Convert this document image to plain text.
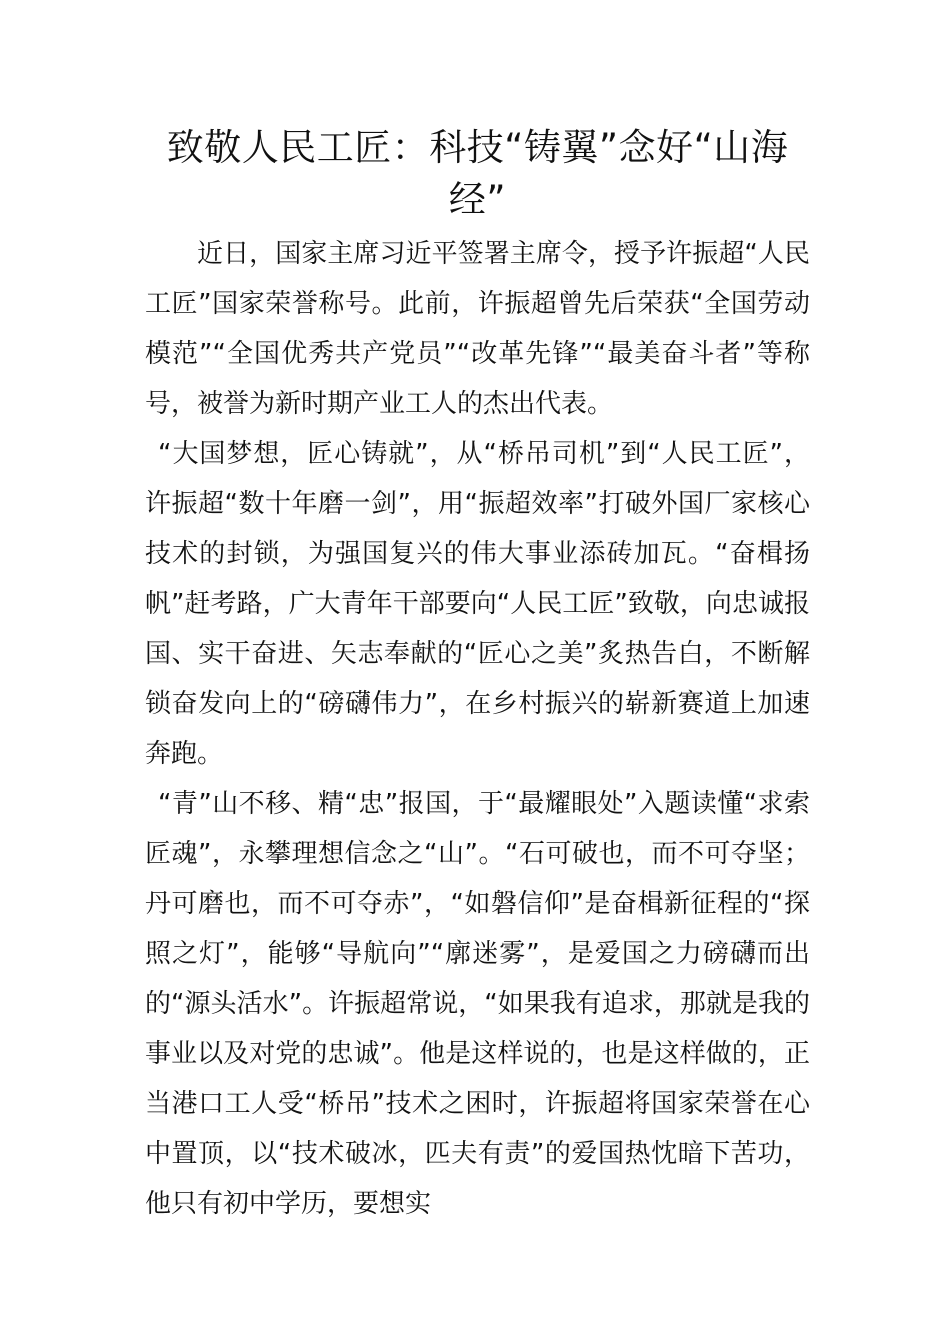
致敬人民工匠：科技“铸翼”念好“山海经”

近日，国家主席习近平签署主席令，授予许振超“人民工匠”国家荣誉称号。此前，许振超曾先后荣获“全国劳动模范”“全国优秀共产党员”“改革先锋”“最美奋斗者”等称号，被誉为新时期产业工人的杰出代表。

“大国梦想，匠心铸就”，从“桥吊司机”到“人民工匠”，许振超“数十年磨一剑”，用“振超效率”打破外国厂家核心技术的封锁，为强国复兴的伟大事业添砖加瓦。“奋楫扬帆”赶考路，广大青年干部要向“人民工匠”致敬，向忠诚报国、实干奋进、矢志奉献的“匠心之美”炙热告白，不断解锁奋发向上的“磅礴伟力”，在乡村振兴的崭新赛道上加速奔跑。

“青”山不移、精“忠”报国，于“最耀眼处”入题读懂“求索匠魂”，永攀理想信念之“山”。“石可破也，而不可夺坚；丹可磨也，而不可夺赤”，“如磐信仰”是奋楫新征程的“探照之灯”，能够“导航向”“廓迷雾”，是爱国之力磅礴而出的“源头活水”。许振超常说，“如果我有追求，那就是我的事业以及对党的忠诚”。他是这样说的，也是这样做的，正当港口工人受“桥吊”技术之困时，许振超将国家荣誉在心中置顶，以“技术破冰，匹夫有责”的爱国热忱暗下苦功，他只有初中学历，要想实
